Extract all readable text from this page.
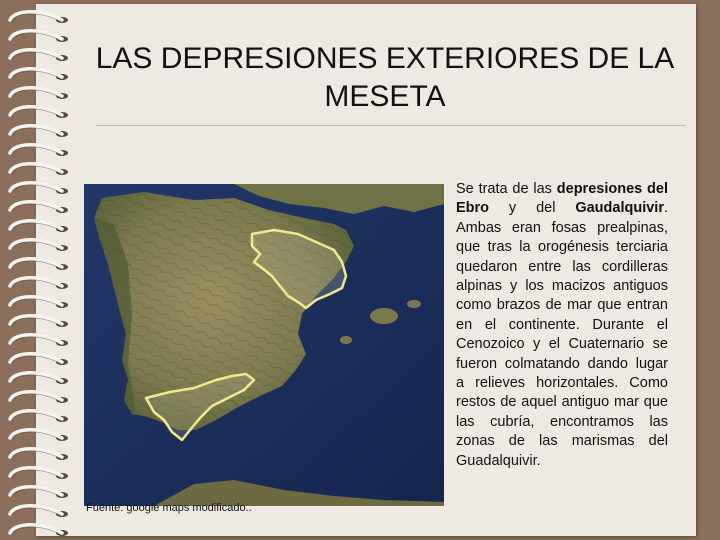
LAS DEPRESIONES EXTERIORES DE LA MESETA

Se trata de las depresiones del Ebro y del Gaudalquivir. Ambas eran fosas prealpinas, que tras la orogénesis terciaria quedaron entre las cordilleras alpinas y los macizos antiguos como brazos de mar que entran en el continente. Durante el Cenozoico y el Cuaternario se fueron colmatando dando lugar a relieves horizontales. Como restos de aquel antiguo mar que las cubría, encontramos las zonas de las marismas del Guadalquivir.

Fuente: google maps modificado..
